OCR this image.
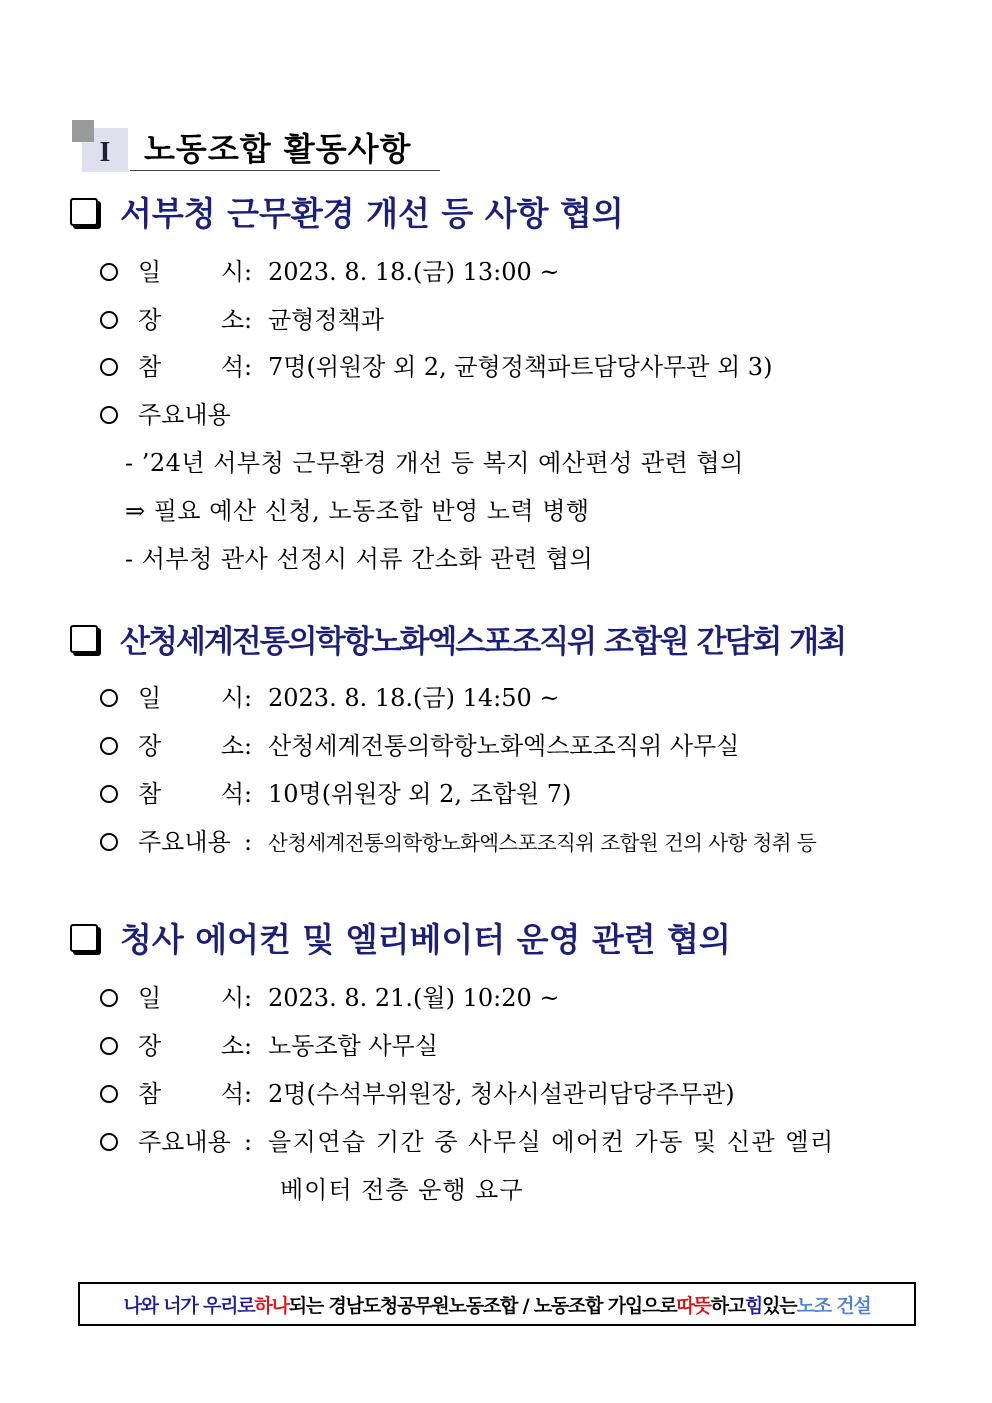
I	노동조합 활동사항
서부청 근무환경 개선 등 사항 협의
일 시 : 2023. 8. 18.(금) 13:00 ~
장 소 : 균형정책과
참 석 : 7명(위원장 외 2, 균형정책파트담당사무관 외 3)
주요내용
- ’24년 서부청 근무환경 개선 등 복지 예산편성 관련 협의
⇒ 필요 예산 신청, 노동조합 반영 노력 병행
- 서부청 관사 선정시 서류 간소화 관련 협의
산청세계전통의학항노화엑스포조직위 조합원 간담회 개최
일 시 : 2023. 8. 18.(금) 14:50 ~
장 소 : 산청세계전통의학항노화엑스포조직위 사무실
참 석 : 10명(위원장 외 2, 조합원 7)
주요내용 : 산청세계전통의학항노화엑스포조직위 조합원 건의 사항 청취 등
청사 에어컨 및 엘리베이터 운영 관련 협의
일 시 : 2023. 8. 21.(월) 10:20 ~
장 소 : 노동조합 사무실
참 석 : 2명(수석부위원장, 청사시설관리담당주무관)
주요내용 : 을지연습 기간 중 사무실 에어컨 가동 및 신관 엘리
베이터 전층 운행 요구
나와 너가 우리로 하나 되는 경남도청공무원노동조합 / 노동조합 가입으로 따뜻 하고 힘 있는 노조 건설
